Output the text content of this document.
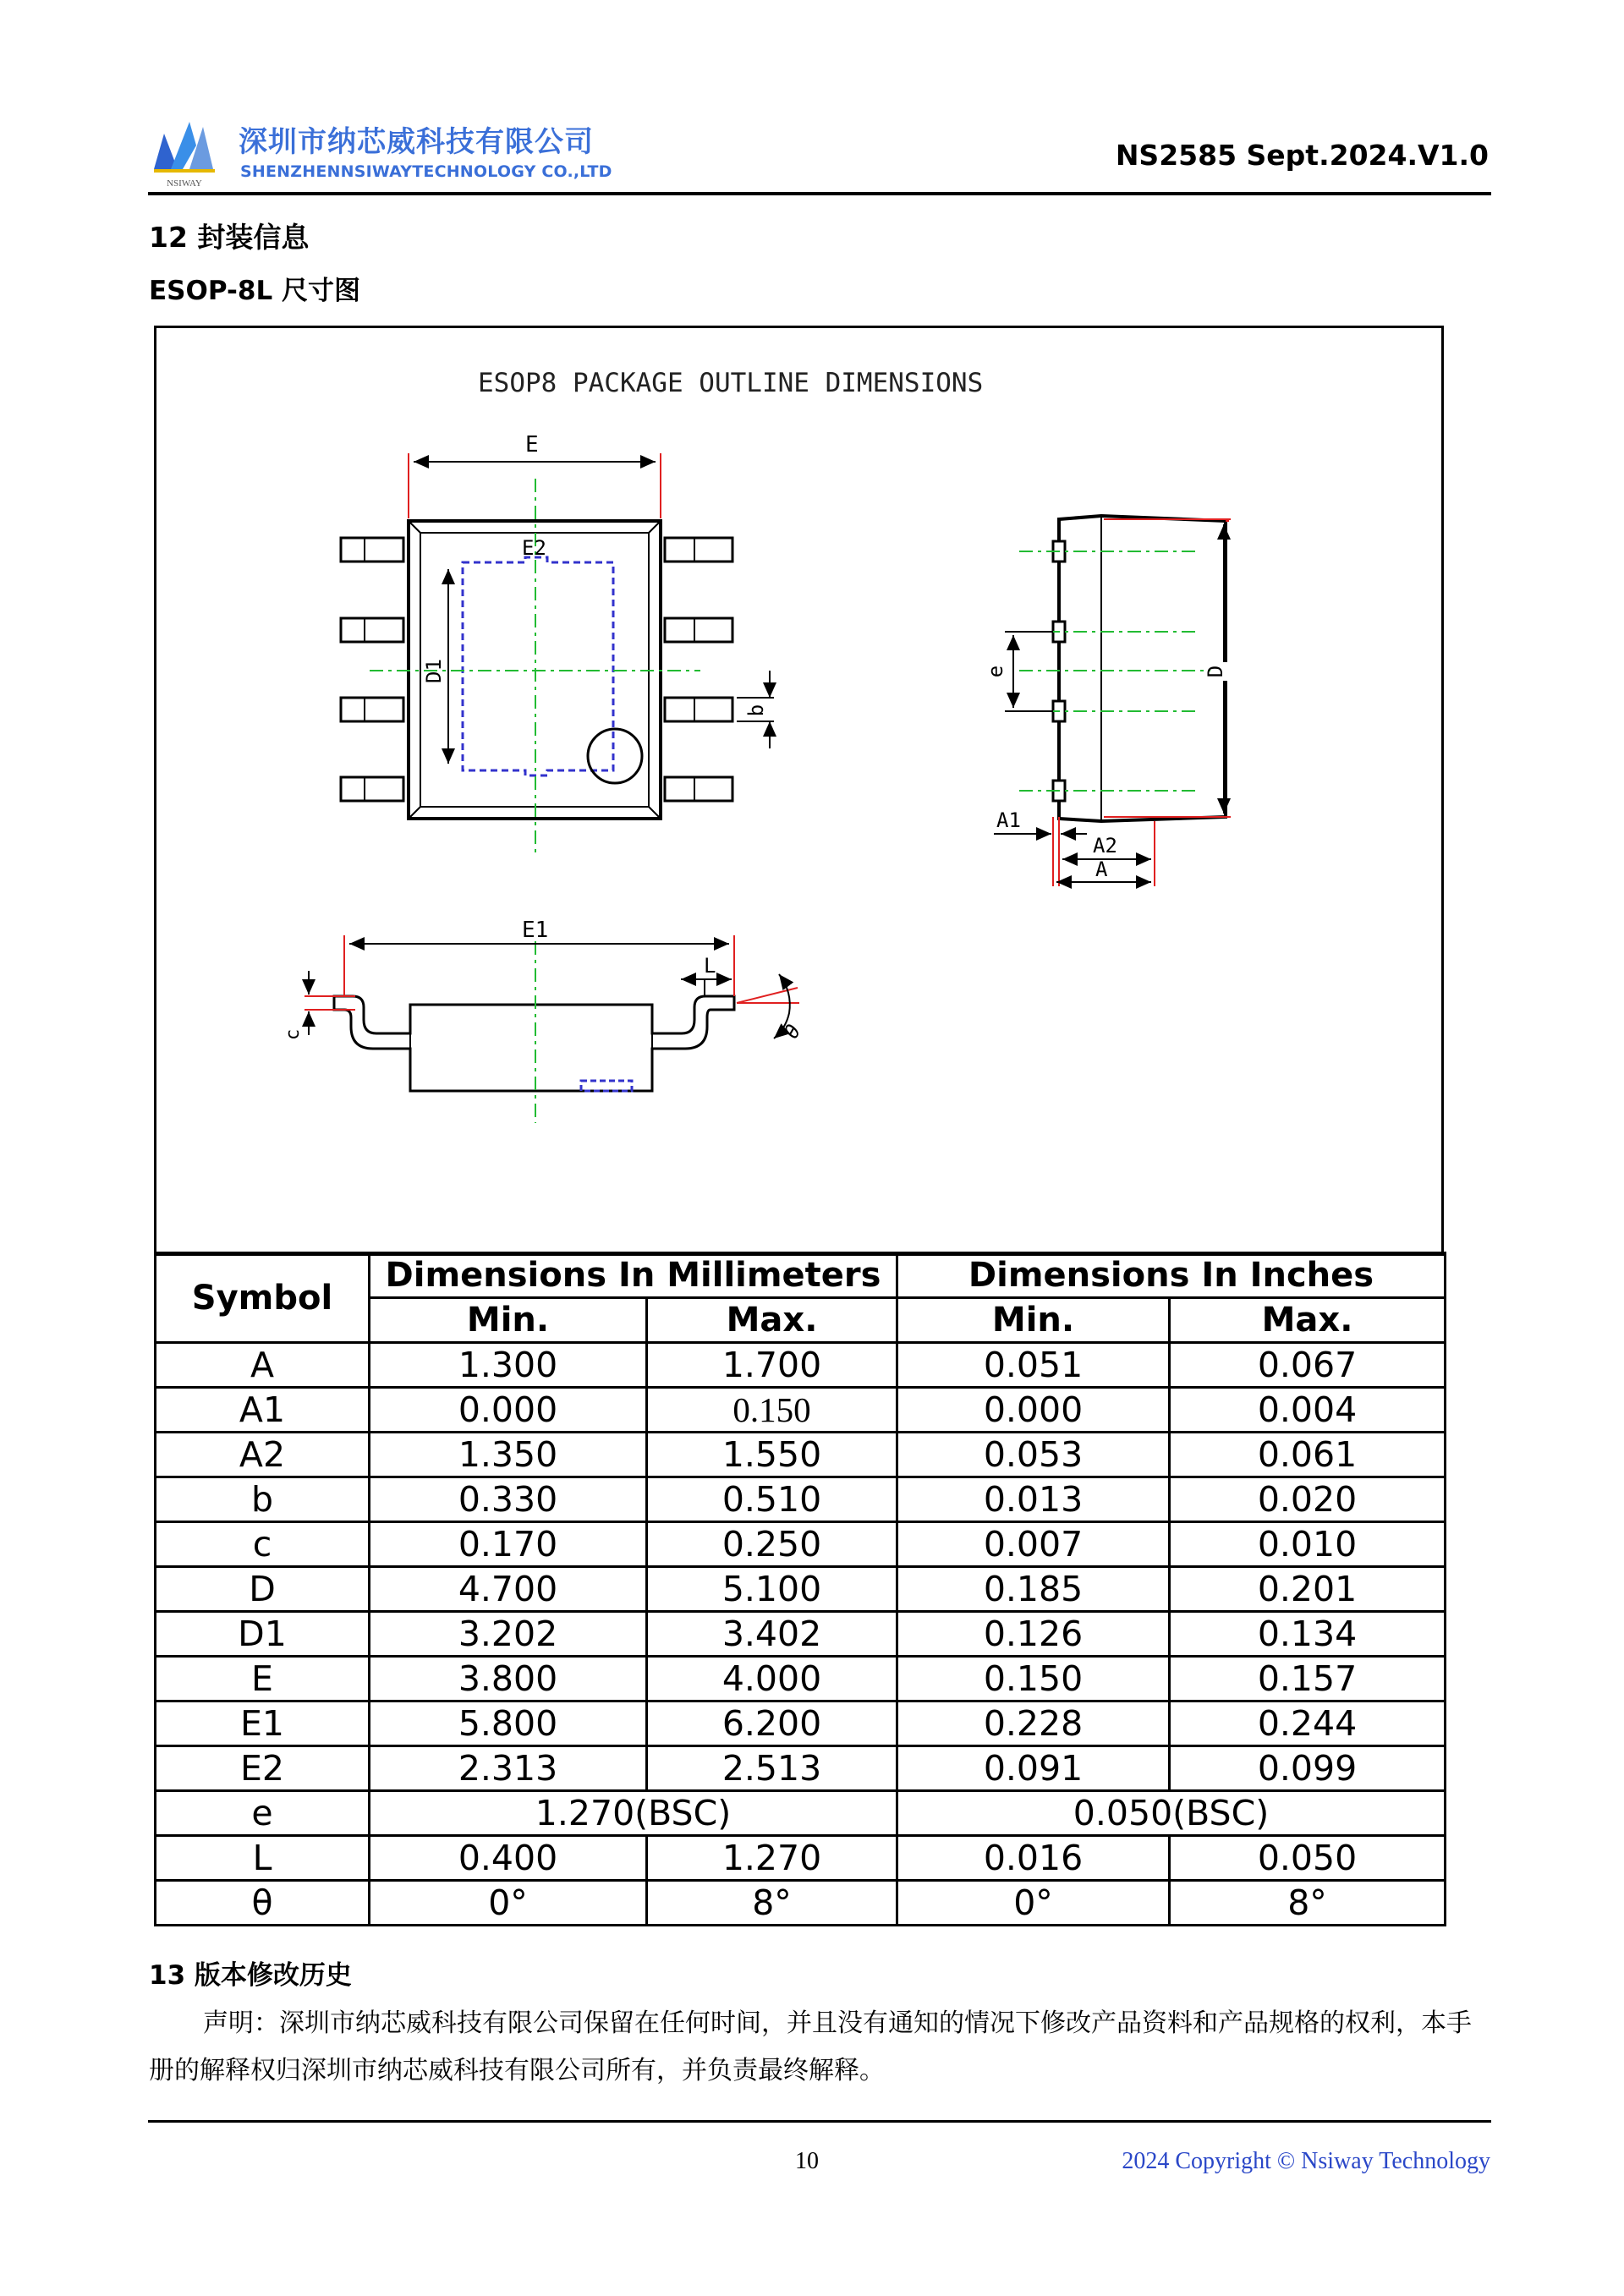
NSIWAY
深圳市纳芯威科技有限公司
SHENZHENNSIWAYTECHNOLOGY CO.,LTD	NS2585 Sept.2024.V1.0
12 封装信息
ESOP-8L 尺寸图
ESOP8 PACKAGE OUTLINE DIMENSIONS
E
E2
D1
b
e	D
A1
A2
A
E1
L
c	θ
Symbol	Dimensions In Millimeters		Dimensions In Inches	
	Min.	Max.	Min.	Max.
A	1.300	1.700	0.051	0.067
A1	0.000	0.150	0.000	0.004
A2	1.350	1.550	0.053	0.061
b	0.330	0.510	0.013	0.020
c	0.170	0.250	0.007	0.010
D	4.700	5.100	0.185	0.201
D1	3.202	3.402	0.126	0.134
E	3.800	4.000	0.150	0.157
E1	5.800	6.200	0.228	0.244
E2	2.313	2.513	0.091	0.099
e	1.270(BSC)		0.050(BSC)	
L	0.400	1.270	0.016	0.050
θ	0°	8°	0°	8°
13 版本修改历史
声明：深圳市纳芯威科技有限公司保留在任何时间，并且没有通知的情况下修改产品资料和产品规格的权利，本手册的解释权归深圳市纳芯威科技有限公司所有，并负责最终解释。
10	2024 Copyright © Nsiway Technology
